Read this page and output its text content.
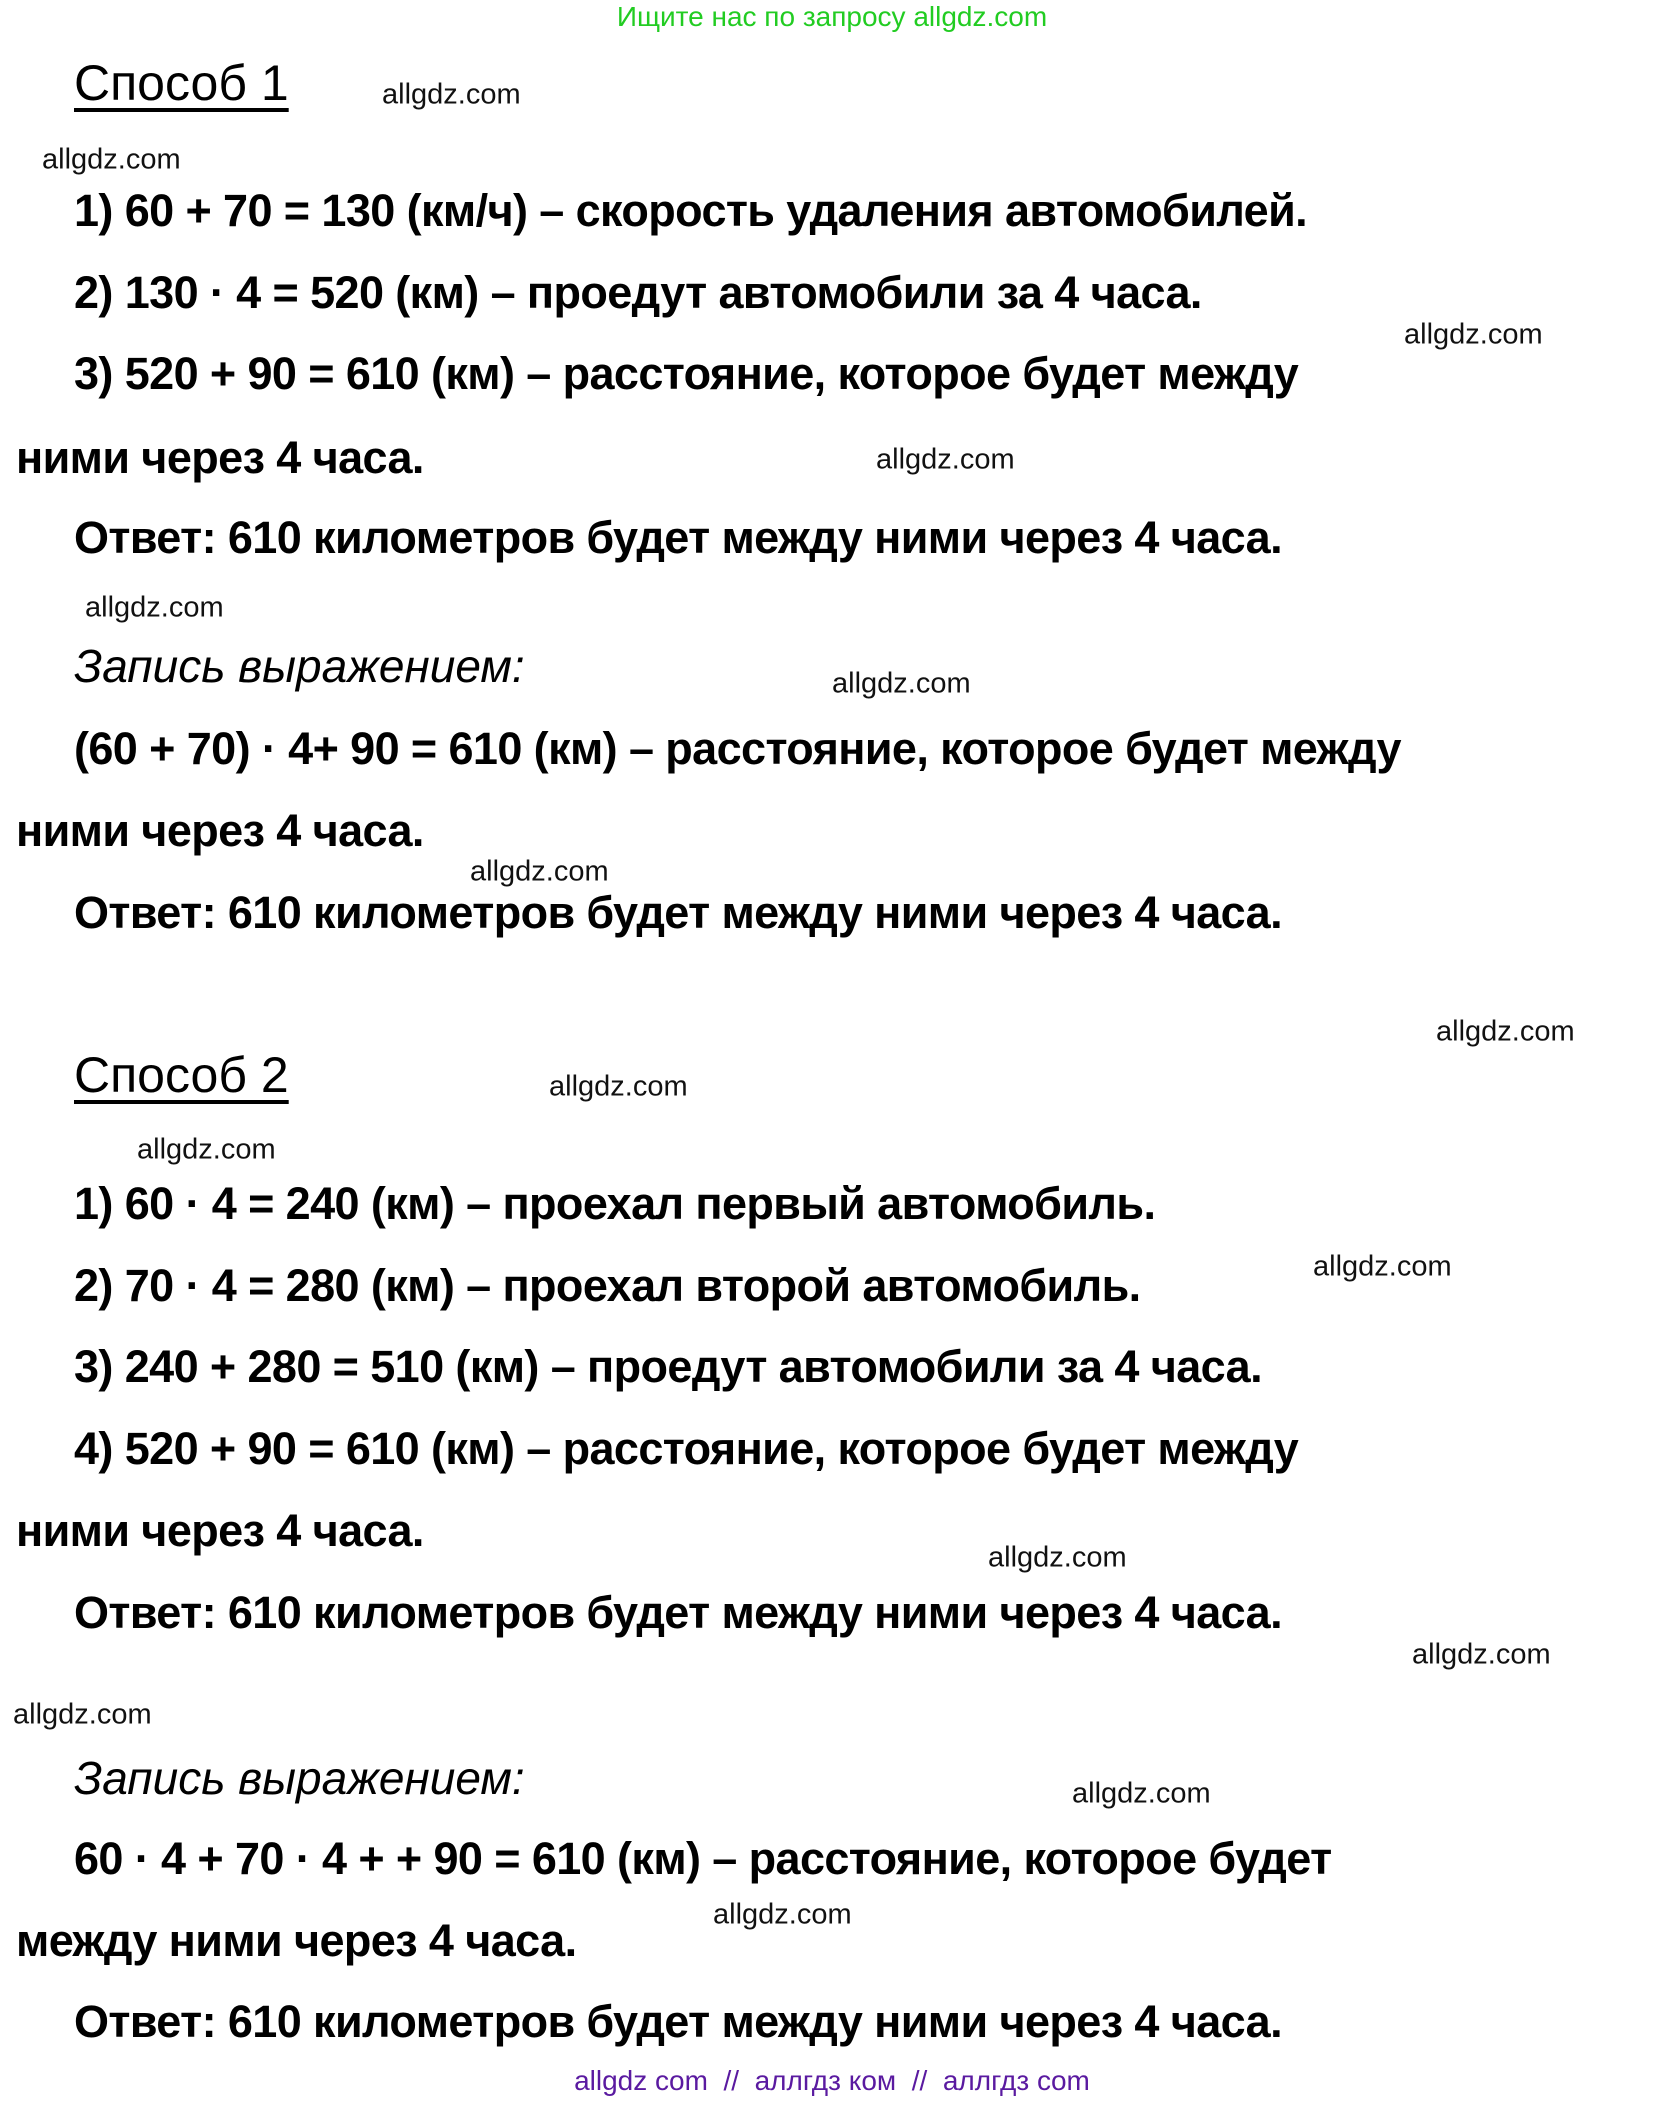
Ищите нас по запросу allgdz.com
Способ 1	allgdz.com
allgdz.com
1) 60 + 70 = 130 (км/ч) – скорость удаления автомобилей.
2) 130 · 4 = 520 (км) – проедут автомобили за 4 часа.
allgdz.com
3) 520 + 90 = 610 (км) – расстояние, которое будет между
ними через 4 часа.	allgdz.com
Ответ: 610 километров будет между ними через 4 часа.
allgdz.com
Запись выражением:	allgdz.com
(60 + 70) · 4+ 90 = 610 (км) – расстояние, которое будет между
ними через 4 часа.
allgdz.com
Ответ: 610 километров будет между ними через 4 часа.
allgdz.com
Способ 2	allgdz.com
allgdz.com
1) 60 · 4 = 240 (км) – проехал первый автомобиль.
2) 70 · 4 = 280 (км) – проехал второй автомобиль.	allgdz.com
3) 240 + 280 = 510 (км) – проедут автомобили за 4 часа.
4) 520 + 90 = 610 (км) – расстояние, которое будет между
ними через 4 часа.
allgdz.com
Ответ: 610 километров будет между ними через 4 часа.
allgdz.com
allgdz.com
Запись выражением:	allgdz.com
60 · 4 + 70 · 4 + + 90 = 610 (км) – расстояние, которое будет
allgdz.com
между ними через 4 часа.
Ответ: 610 километров будет между ними через 4 часа.
allgdz com  //  аллгдз ком  //  аллгдз com
